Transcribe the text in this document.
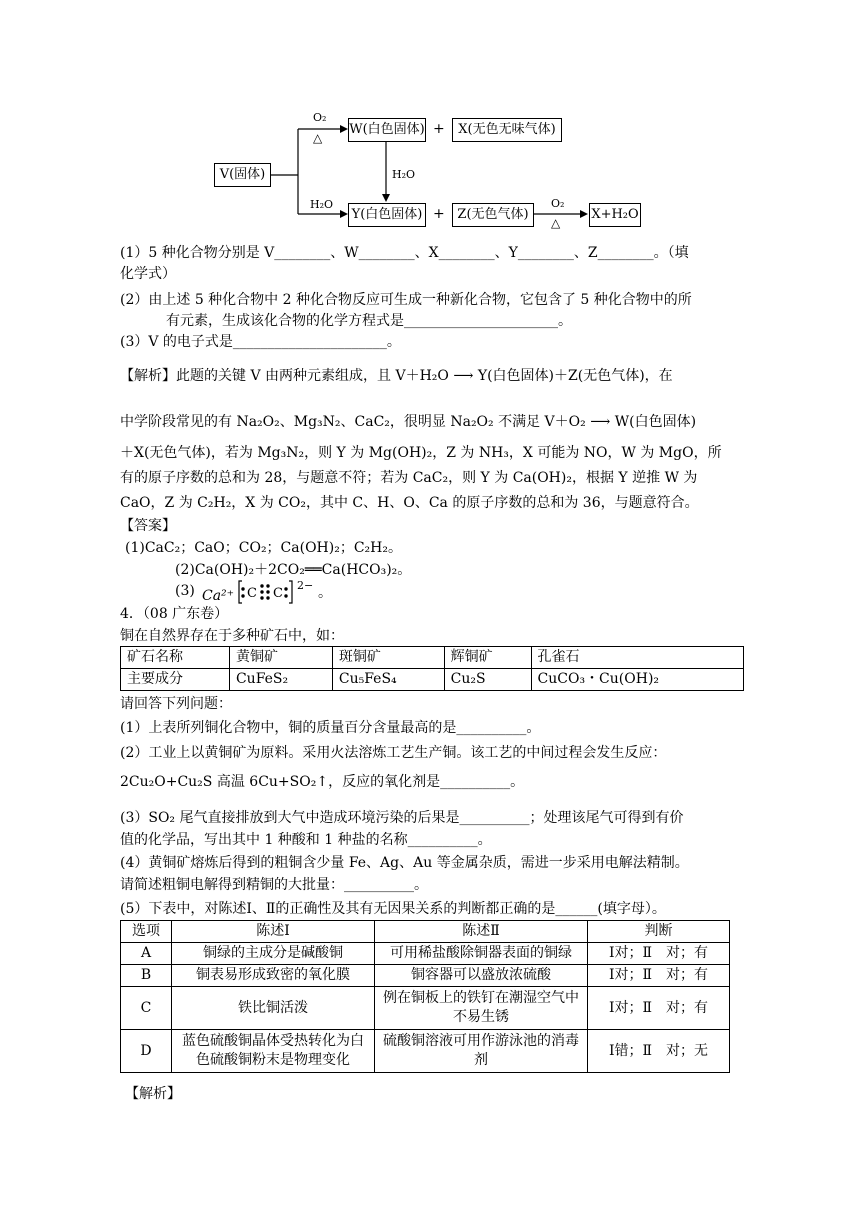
V(固体)
W(白色固体) +	X(无色无味气体)
Y(白色固体) + Z(无色气体)	X+H₂O
O₂
△
H₂O
H₂O	O₂
△
(1）5 种化合物分别是 V________、W________、X________、Y________、Z________。（填
化学式）
(2）由上述 5 种化合物中 2 种化合物反应可生成一种新化合物，它包含了 5 种化合物中的所
有元素，生成该化合物的化学方程式是______________________。
(3）V 的电子式是______________________。
【解析】此题的关键 V 由两种元素组成，且 V＋H₂O ⟶ Y(白色固体)＋Z(无色气体)，在
中学阶段常见的有 Na₂O₂、Mg₃N₂、CaC₂，很明显 Na₂O₂ 不满足 V＋O₂ ⟶ W(白色固体)
＋X(无色气体)，若为 Mg₃N₂，则 Y 为 Mg(OH)₂，Z 为 NH₃，X 可能为 NO，W 为 MgO，所
有的原子序数的总和为 28，与题意不符；若为 CaC₂，则 Y 为 Ca(OH)₂，根据 Y 逆推 W 为
CaO，Z 为 C₂H₂，X 为 CO₂，其中 C、H、O、Ca 的原子序数的总和为 36，与题意符合。
【答案】
(1)CaC₂；CaO；CO₂；Ca(OH)₂；C₂H₂。
(2)Ca(OH)₂＋2CO₂══Ca(HCO₃)₂。
(3) Ca²⁺ C C
2− 。
4．（08 广东卷）
铜在自然界存在于多种矿石中，如：
矿石名称	黄铜矿	斑铜矿	辉铜矿	孔雀石
主要成分	CuFeS₂	Cu₅FeS₄	Cu₂S	CuCO₃・Cu(OH)₂
请回答下列问题：
(1）上表所列铜化合物中，铜的质量百分含量最高的是__________。
(2）工业上以黄铜矿为原料。采用火法溶炼工艺生产铜。该工艺的中间过程会发生反应：
2Cu₂O+Cu₂S 高温 6Cu+SO₂↑，反应的氧化剂是__________。
(3）SO₂ 尾气直接排放到大气中造成环境污染的后果是__________；处理该尾气可得到有价
值的化学品，写出其中 1 种酸和 1 种盐的名称__________。
(4）黄铜矿熔炼后得到的粗铜含少量 Fe、Ag、Au 等金属杂质，需进一步采用电解法精制。
请简述粗铜电解得到精铜的大批量：__________。
(5）下表中，对陈述Ⅰ、Ⅱ的正确性及其有无因果关系的判断都正确的是______(填字母）。
选项	陈述Ⅰ	陈述Ⅱ	判断
A	铜绿的主成分是碱酸铜	可用稀盐酸除铜器表面的铜绿	Ⅰ对；Ⅱ　对；有
B	铜表易形成致密的氧化膜	铜容器可以盛放浓硫酸	Ⅰ对；Ⅱ　对；有
C	铁比铜活泼	例在铜板上的铁钉在潮湿空气中不易生锈	Ⅰ对；Ⅱ　对；有
D	蓝色硫酸铜晶体受热转化为白色硫酸铜粉末是物理变化	硫酸铜溶液可用作游泳池的消毒剂	Ⅰ错；Ⅱ　对；无
【解析】
